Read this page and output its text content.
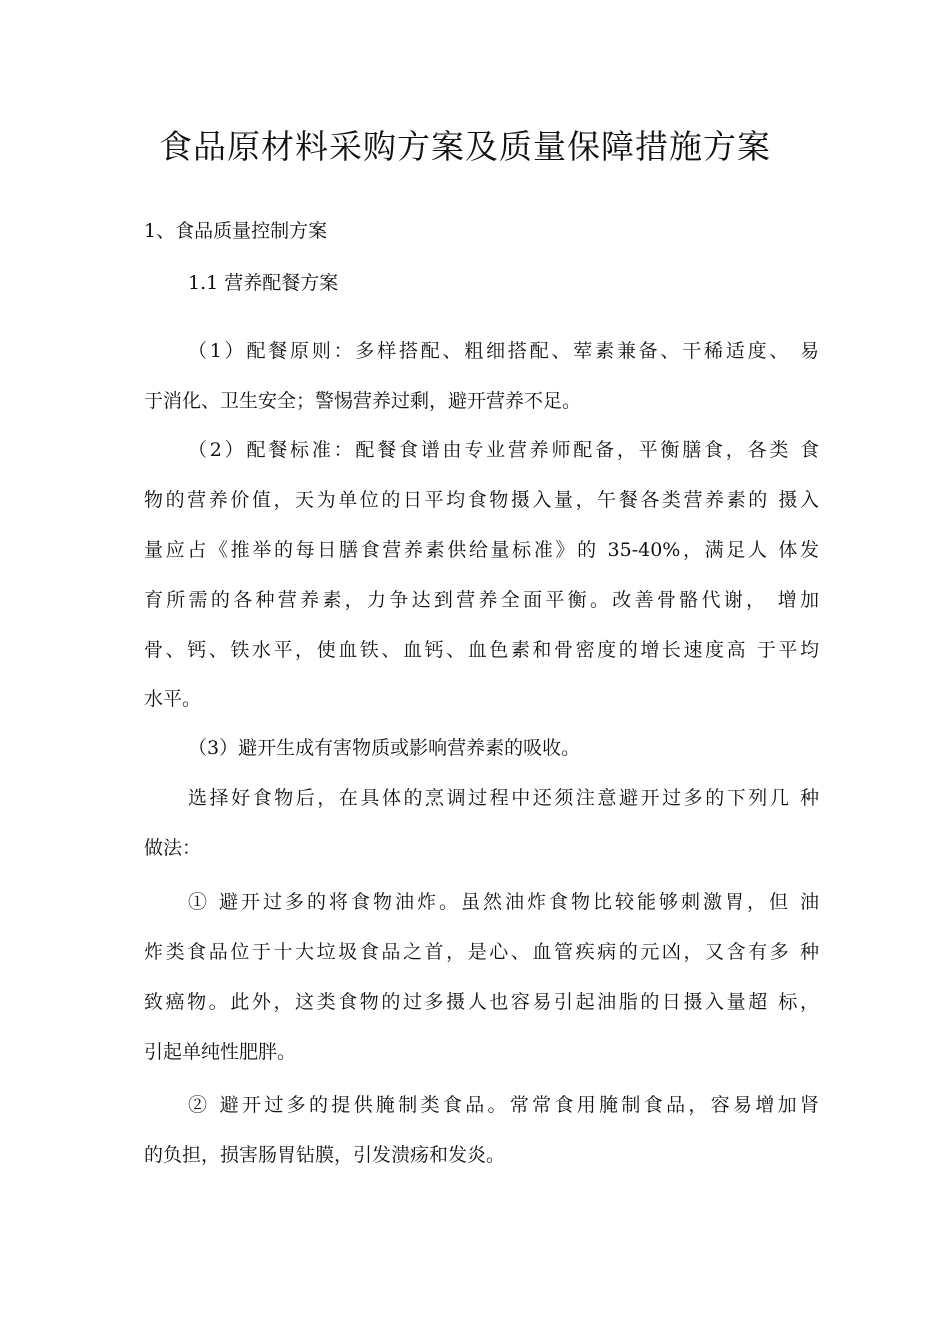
食品原材料采购方案及质量保障措施方案

1、食品质量控制方案

1.1 营养配餐方案

（1）配餐原则：多样搭配、粗细搭配、荤素兼备、干稀适度、 易

于消化、卫生安全；警惕营养过剩，避开营养不足。

（2）配餐标准：配餐食谱由专业营养师配备，平衡膳食，各类 食

物的营养价值，天为单位的日平均食物摄入量，午餐各类营养素的 摄入

量应占《推举的每日膳食营养素供给量标准》的 35-40%，满足人 体发

育所需的各种营养素，力争达到营养全面平衡。改善骨骼代谢， 增加

骨、钙、铁水平，使血铁、血钙、血色素和骨密度的增长速度高 于平均

水平。

（3）避开生成有害物质或影响营养素的吸收。

选择好食物后，在具体的烹调过程中还须注意避开过多的下列几 种

做法：

① 避开过多的将食物油炸。虽然油炸食物比较能够刺激胃，但 油

炸类食品位于十大垃圾食品之首，是心、血管疾病的元凶，又含有多 种

致癌物。此外，这类食物的过多摄人也容易引起油脂的日摄入量超 标，

引起单纯性肥胖。

② 避开过多的提供腌制类食品。常常食用腌制食品，容易增加肾

的负担，损害肠胃钻膜，引发溃疡和发炎。
